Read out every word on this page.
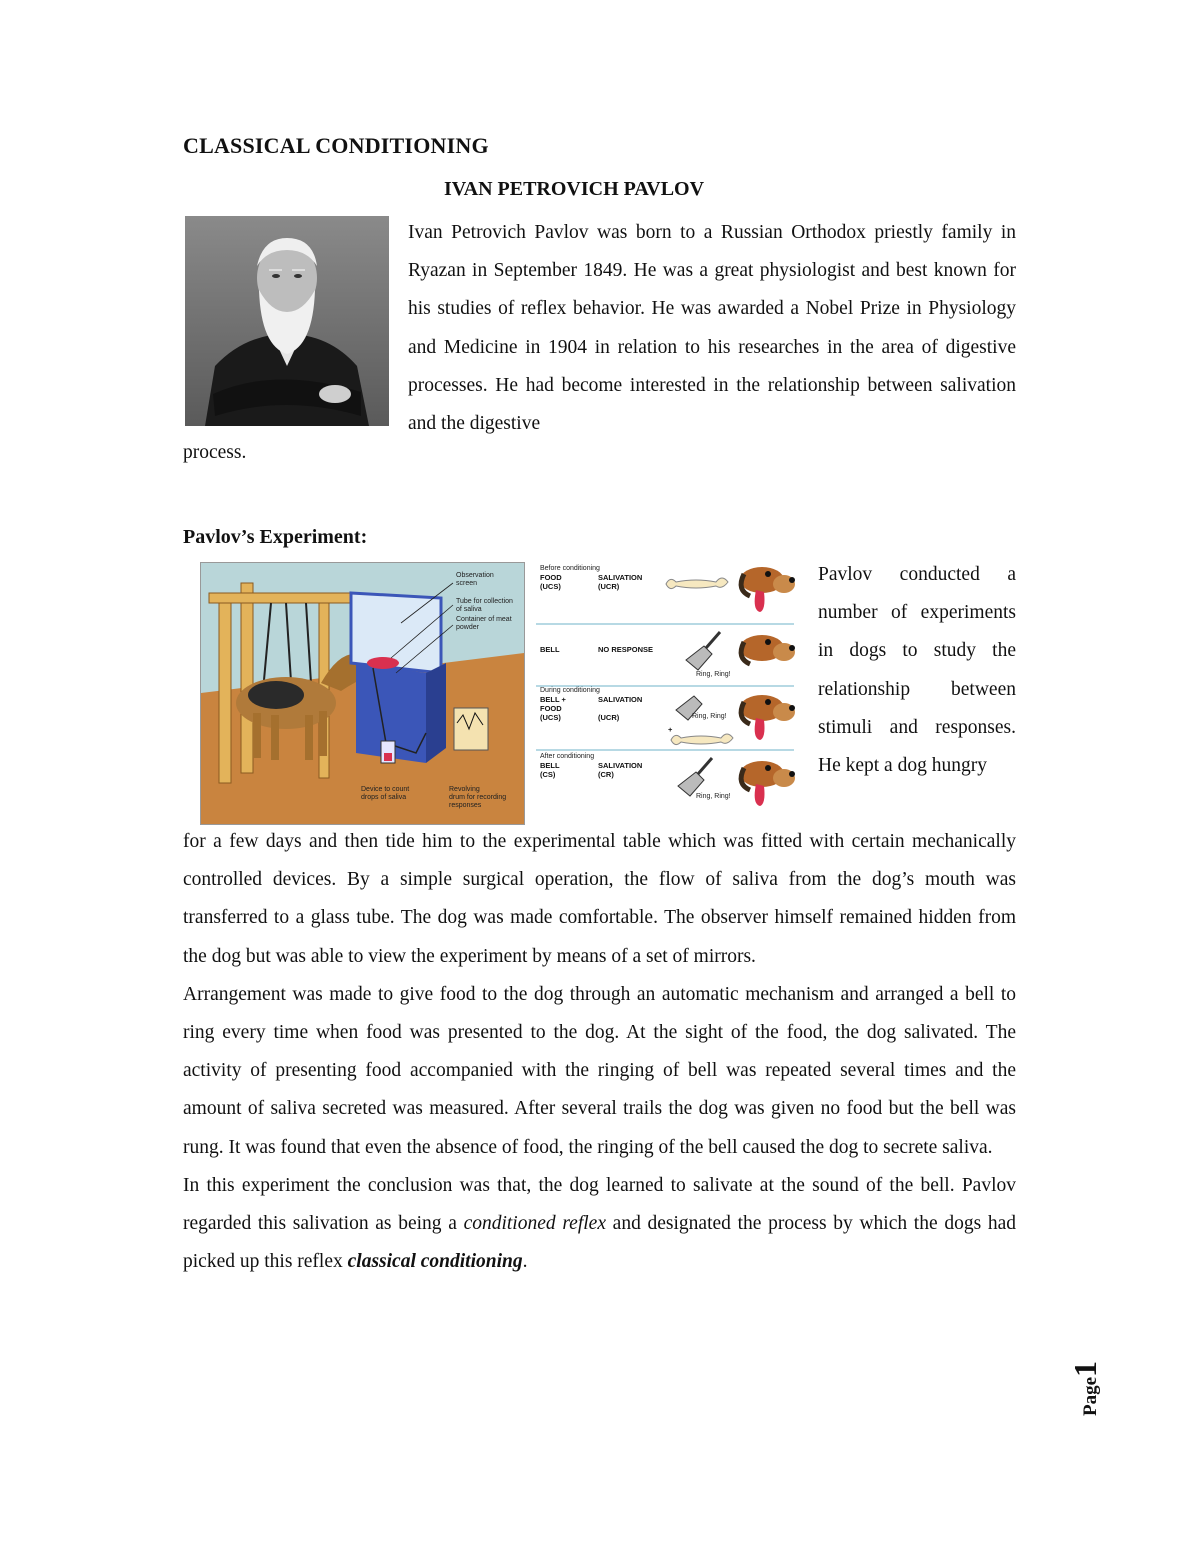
CLASSICAL CONDITIONING
IVAN PETROVICH PAVLOV

Ivan Petrovich Pavlov was born to a Russian Orthodox priestly family in Ryazan in September 1849. He was a great physiologist and best known for his studies of reflex behavior. He was awarded a Nobel Prize in Physiology and Medicine in 1904 in relation to his researches in the area of digestive processes. He had become interested in the relationship between salivation and the digestive

process.
Pavlov’s Experiment:
Observation
screen
Tube for collection
of saliva
Container of meat
powder
Device to count
drops of saliva
Revolving
drum for recording
responses
Before conditioning
FOOD
(UCS)
SALIVATION
(UCR)
BELL	NO RESPONSE
Ring, Ring!
During conditioning
BELL +
FOOD
(UCS)
SALIVATION
(UCR)	Ring, Ring!
+
After conditioning
BELL
(CS)
SALIVATION
(CR)
Ring, Ring!

Pavlov conducted a number of experiments in dogs to study the relationship between stimuli and responses. He kept a dog hungry

for a few days and then tide him to the experimental table which was fitted with certain mechanically controlled devices. By a simple surgical operation, the flow of saliva from the dog’s mouth was transferred to a glass tube. The dog was made comfortable. The observer himself remained hidden from the dog but was able to view the experiment by means of a set of mirrors.

Arrangement was made to give food to the dog through an automatic mechanism and arranged a bell to ring every time when food was presented to the dog. At the sight of the food, the dog salivated. The activity of presenting food accompanied with the ringing of bell was repeated several times and the amount of saliva secreted was measured. After several trails the dog was given no food but the bell was rung. It was found that even the absence of food, the ringing of the bell caused the dog to secrete saliva.

In this experiment the conclusion was that, the dog learned to salivate at the sound of the bell. Pavlov regarded this salivation as being a conditioned reflex and designated the process by which the dogs had picked up this reflex classical conditioning.

Page1
